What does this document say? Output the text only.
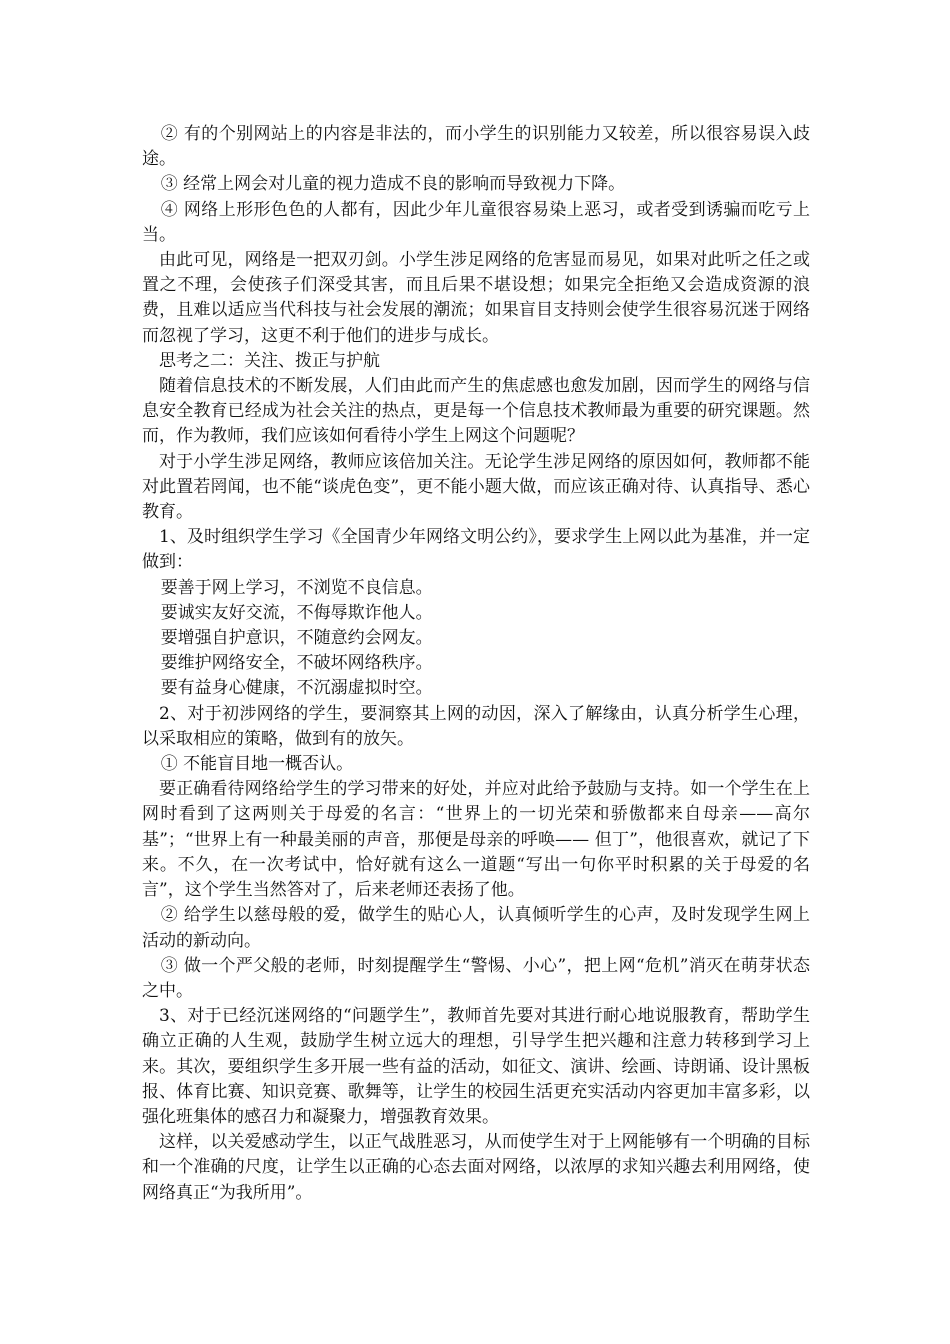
② 有的个别网站上的内容是非法的，而小学生的识别能力又较差，所以很容易误入歧途。

③ 经常上网会对儿童的视力造成不良的影响而导致视力下降。

④ 网络上形形色色的人都有，因此少年儿童很容易染上恶习，或者受到诱骗而吃亏上当。

由此可见，网络是一把双刃剑。小学生涉足网络的危害显而易见，如果对此听之任之或置之不理，会使孩子们深受其害，而且后果不堪设想；如果完全拒绝又会造成资源的浪费，且难以适应当代科技与社会发展的潮流；如果盲目支持则会使学生很容易沉迷于网络而忽视了学习，这更不利于他们的进步与成长。

思考之二：关注、拨正与护航

随着信息技术的不断发展，人们由此而产生的焦虑感也愈发加剧，因而学生的网络与信息安全教育已经成为社会关注的热点，更是每一个信息技术教师最为重要的研究课题。然而，作为教师，我们应该如何看待小学生上网这个问题呢？

对于小学生涉足网络，教师应该倍加关注。无论学生涉足网络的原因如何，教师都不能对此置若罔闻，也不能“谈虎色变”，更不能小题大做，而应该正确对待、认真指导、悉心教育。

1、及时组织学生学习《全国青少年网络文明公约》，要求学生上网以此为基准，并一定做到：

要善于网上学习，不浏览不良信息。

要诚实友好交流，不侮辱欺诈他人。

要增强自护意识，不随意约会网友。

要维护网络安全，不破坏网络秩序。

要有益身心健康，不沉溺虚拟时空。

2、对于初涉网络的学生，要洞察其上网的动因，深入了解缘由，认真分析学生心理，以采取相应的策略，做到有的放矢。

① 不能盲目地一概否认。

要正确看待网络给学生的学习带来的好处，并应对此给予鼓励与支持。如一个学生在上网时看到了这两则关于母爱的名言：“世界上的一切光荣和骄傲都来自母亲——高尔基”；“世界上有一种最美丽的声音，那便是母亲的呼唤—— 但丁”，他很喜欢，就记了下来。不久，在一次考试中，恰好就有这么一道题“写出一句你平时积累的关于母爱的名言”，这个学生当然答对了，后来老师还表扬了他。

② 给学生以慈母般的爱，做学生的贴心人，认真倾听学生的心声，及时发现学生网上活动的新动向。

③ 做一个严父般的老师，时刻提醒学生“警惕、小心”，把上网“危机”消灭在萌芽状态之中。

3、对于已经沉迷网络的“问题学生”，教师首先要对其进行耐心地说服教育，帮助学生确立正确的人生观，鼓励学生树立远大的理想，引导学生把兴趣和注意力转移到学习上来。其次，要组织学生多开展一些有益的活动，如征文、演讲、绘画、诗朗诵、设计黑板报、体育比赛、知识竞赛、歌舞等，让学生的校园生活更充实活动内容更加丰富多彩，以强化班集体的感召力和凝聚力，增强教育效果。

这样，以关爱感动学生，以正气战胜恶习，从而使学生对于上网能够有一个明确的目标和一个准确的尺度，让学生以正确的心态去面对网络，以浓厚的求知兴趣去利用网络，使网络真正“为我所用”。
